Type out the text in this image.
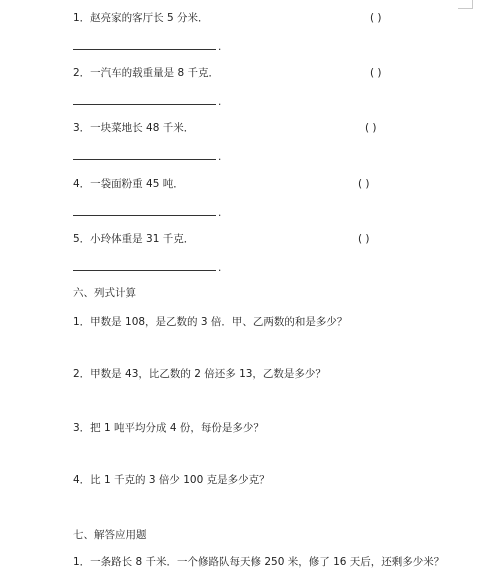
1．赵亮家的客厅长 5 分米．	( )
.
2．一汽车的载重量是 8 千克．	( )
.
3．一块菜地长 48 千米．	( )
.
4．一袋面粉重 45 吨．	( )
.
5．小玲体重是 31 千克．	( )
.
六、列式计算
1．甲数是 108，是乙数的 3 倍．甲、乙两数的和是多少？
2．甲数是 43，比乙数的 2 倍还多 13，乙数是多少？
3．把 1 吨平均分成 4 份，每份是多少？
4．比 1 千克的 3 倍少 100 克是多少克？
七、解答应用题
1．一条路长 8 千米．一个修路队每天修 250 米，修了 16 天后，还剩多少米？
